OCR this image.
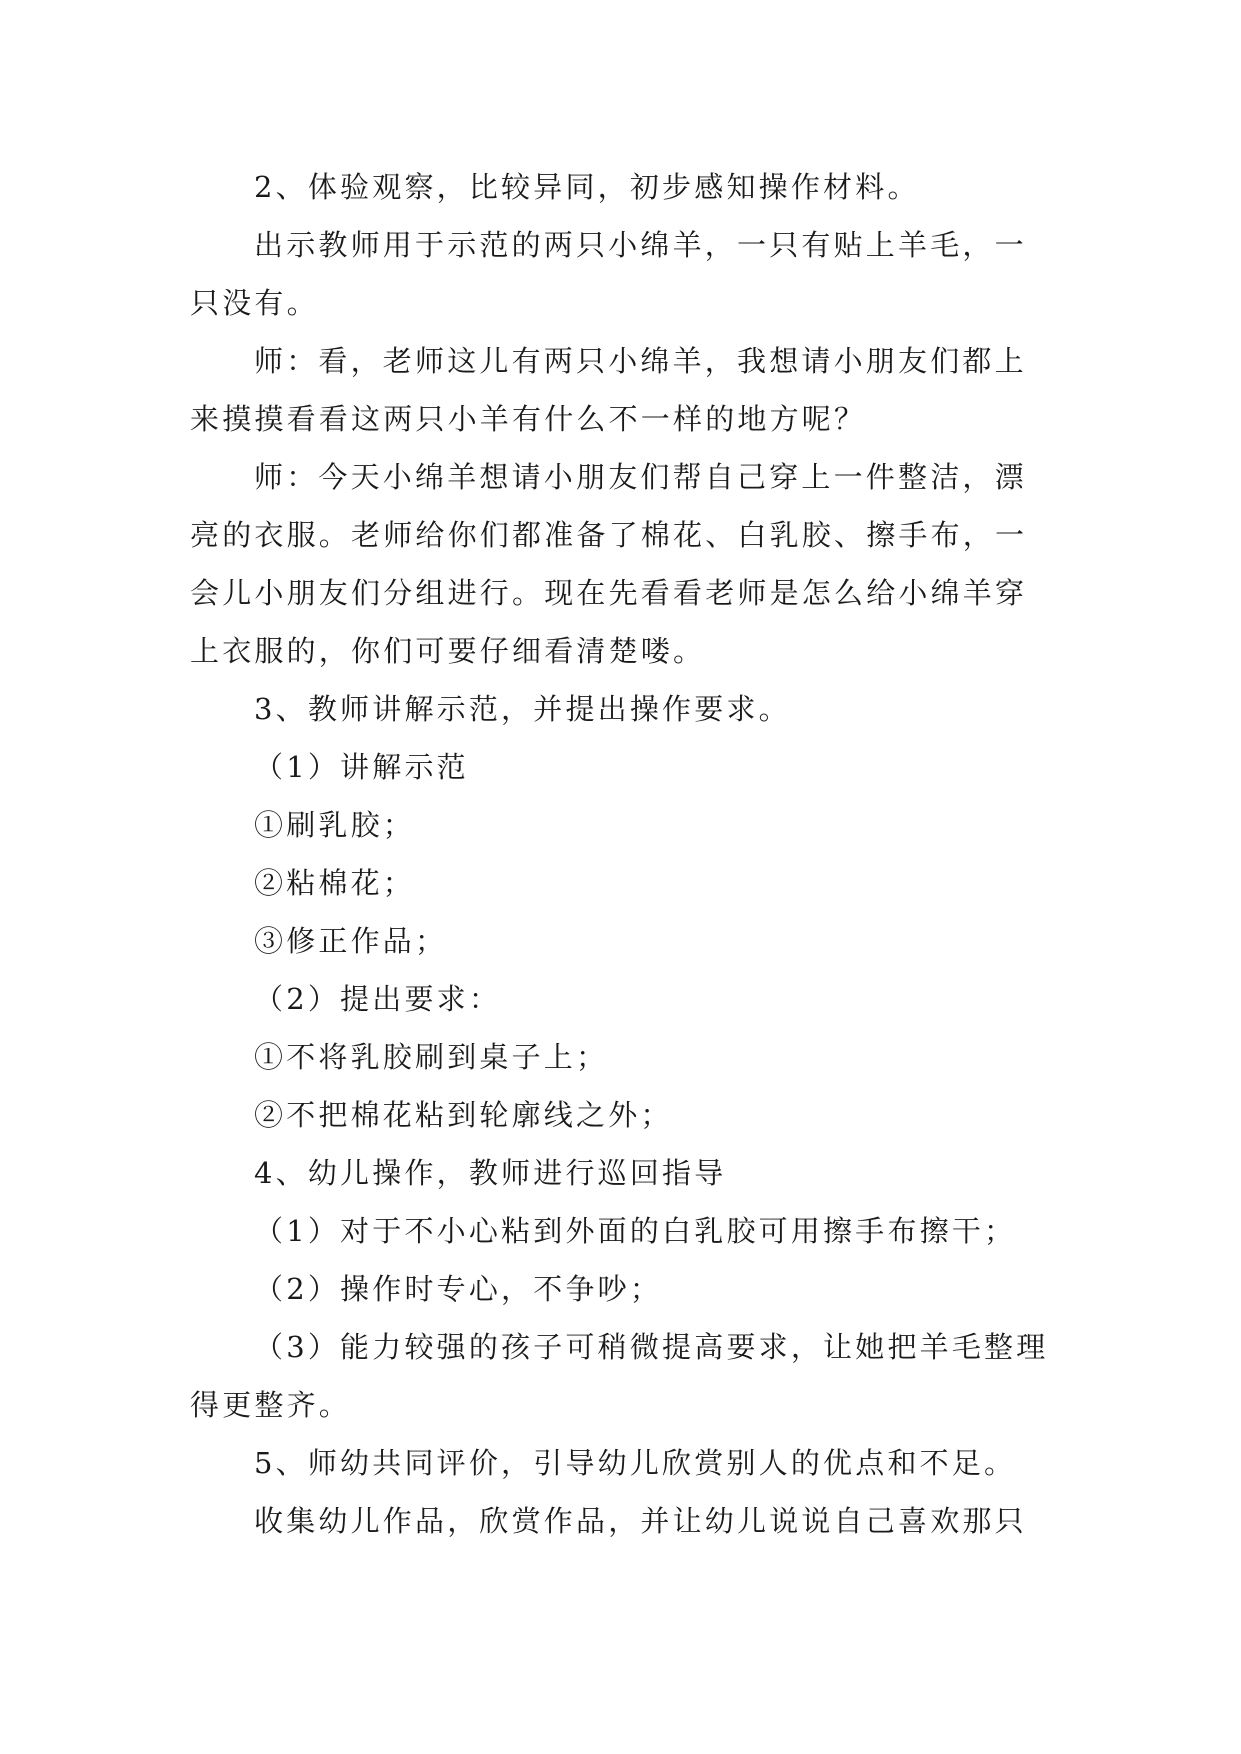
2、体验观察，比较异同，初步感知操作材料。

出示教师用于示范的两只小绵羊，一只有贴上羊毛，一只没有。

师：看，老师这儿有两只小绵羊，我想请小朋友们都上来摸摸看看这两只小羊有什么不一样的地方呢？

师：今天小绵羊想请小朋友们帮自己穿上一件整洁，漂亮的衣服。老师给你们都准备了棉花、白乳胶、擦手布，一会儿小朋友们分组进行。现在先看看老师是怎么给小绵羊穿上衣服的，你们可要仔细看清楚喽。

3、教师讲解示范，并提出操作要求。

（1）讲解示范

①刷乳胶；

②粘棉花；

③修正作品；

（2）提出要求：

①不将乳胶刷到桌子上；

②不把棉花粘到轮廓线之外；

4、幼儿操作，教师进行巡回指导

（1）对于不小心粘到外面的白乳胶可用擦手布擦干；

（2）操作时专心，不争吵；

（3）能力较强的孩子可稍微提高要求，让她把羊毛整理得更整齐。

5、师幼共同评价，引导幼儿欣赏别人的优点和不足。

收集幼儿作品，欣赏作品，并让幼儿说说自己喜欢那只
